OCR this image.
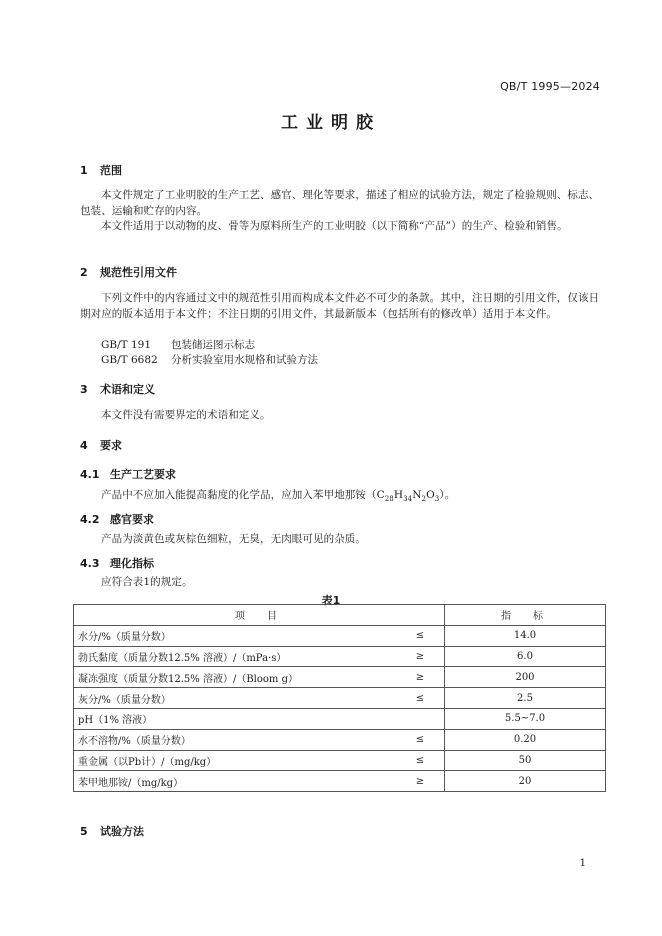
QB/T 1995—2024
工业明胶
1 范围
本文件规定了工业明胶的生产工艺、感官、理化等要求，描述了相应的试验方法，规定了检验规则、标志、包装、运输和贮存的内容。
本文件适用于以动物的皮、骨等为原料所生产的工业明胶（以下简称“产品”）的生产、检验和销售。
2 规范性引用文件
下列文件中的内容通过文中的规范性引用而构成本文件必不可少的条款。其中，注日期的引用文件，仅该日期对应的版本适用于本文件；不注日期的引用文件，其最新版本（包括所有的修改单）适用于本文件。
GB/T 191 包装储运图示标志
GB/T 6682 分析实验室用水规格和试验方法
3 术语和定义
本文件没有需要界定的术语和定义。
4 要求
4.1 生产工艺要求
产品中不应加入能提高黏度的化学品，应加入苯甲地那铵$(C_{28}H_{34}N_2O_3)$。
4.2 感官要求
产品为淡黄色或灰棕色细粒，无臭，无肉眼可见的杂质。
4.3 理化指标
应符合表1的规定。
表1
项　目		指　标
水分/%（质量分数）	≤	14.0
勃氏黏度（质量分数12.5% 溶液）/（mPa·s）	≥	6.0
凝冻强度（质量分数12.5% 溶液）/（Bloom g）	≥	200
灰分/%（质量分数）	≤	2.5
pH（1% 溶液）		5.5~7.0
水不溶物/%（质量分数）	≤	0.20
重金属（以Pb计）/（mg/kg）	≤	50
苯甲地那铵/（mg/kg）	≥	20
5 试验方法
1
